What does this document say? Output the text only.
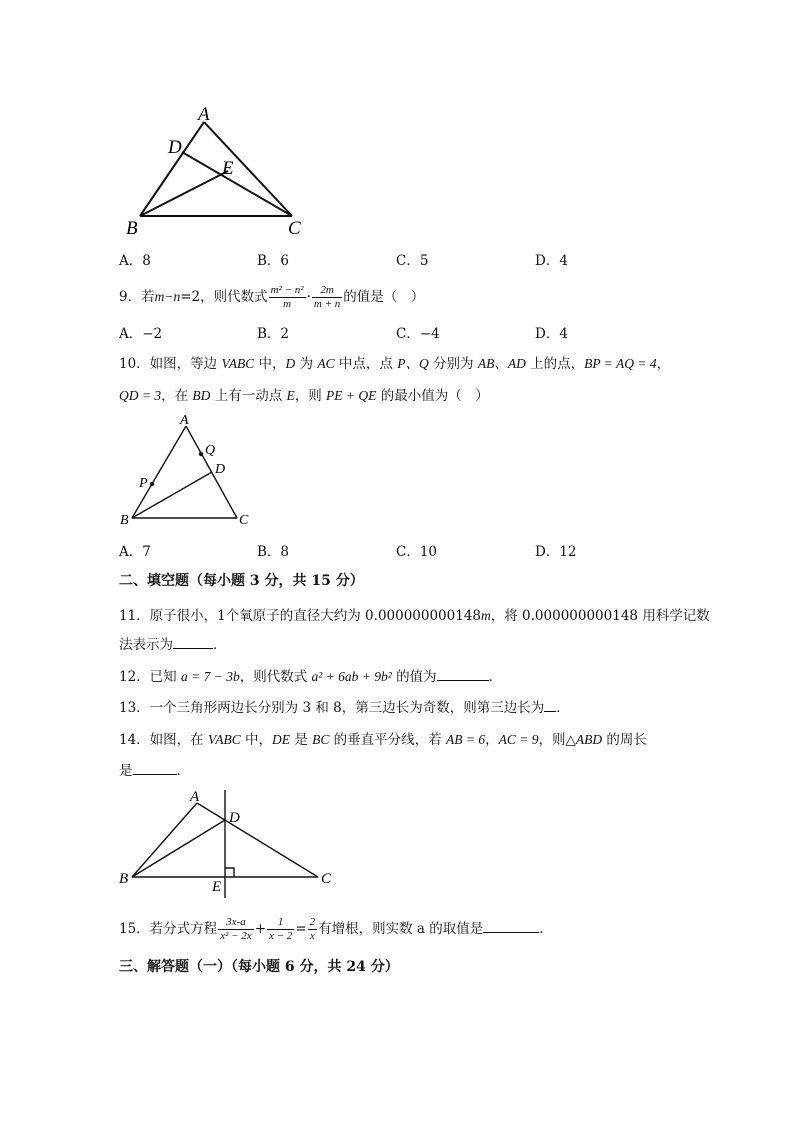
A
D
E
B	C
A．8	B．6	C．5	D．4
9．若m−n=2，则代数式 $\frac{\text{m² − n²}}{m} \cdot \frac{2m}{m + n}$ 的值是（　）
A．−2	B．2	C．−4	D．4
10．如图，等边 VABC 中，D 为 AC 中点，点 P、Q 分别为 AB、AD 上的点，BP = AQ = 4，
QD = 3，在 BD 上有一动点 E，则 PE + QE 的最小值为（　）
A
Q
D
P
B	C
A．7	B．8	C．10	D．12
二、填空题（每小题 3 分，共 15 分）
11．原子很小，1个氧原子的直径大约为 0.000000000148m，将 0.000000000148 用科学记数
法表示为	．
12．已知 a = 7 − 3b，则代数式 a² + 6ab + 9b² 的值为	．
13．一个三角形两边长分别为 3 和 8，第三边长为奇数，则第三边长为 ．
14．如图，在 VABC 中，DE 是 BC 的垂直平分线，若 AB = 6，AC = 9，则△ABD 的周长
是	．
A
D
B	E	C
15．若分式方程 $\frac{3x-a}{\text{x² − 2x}} + \frac{1}{x - 2} = \frac{2}{x}$ 有增根，则实数 a 的取值是	．
三、解答题（一）（每小题 6 分，共 24 分）
